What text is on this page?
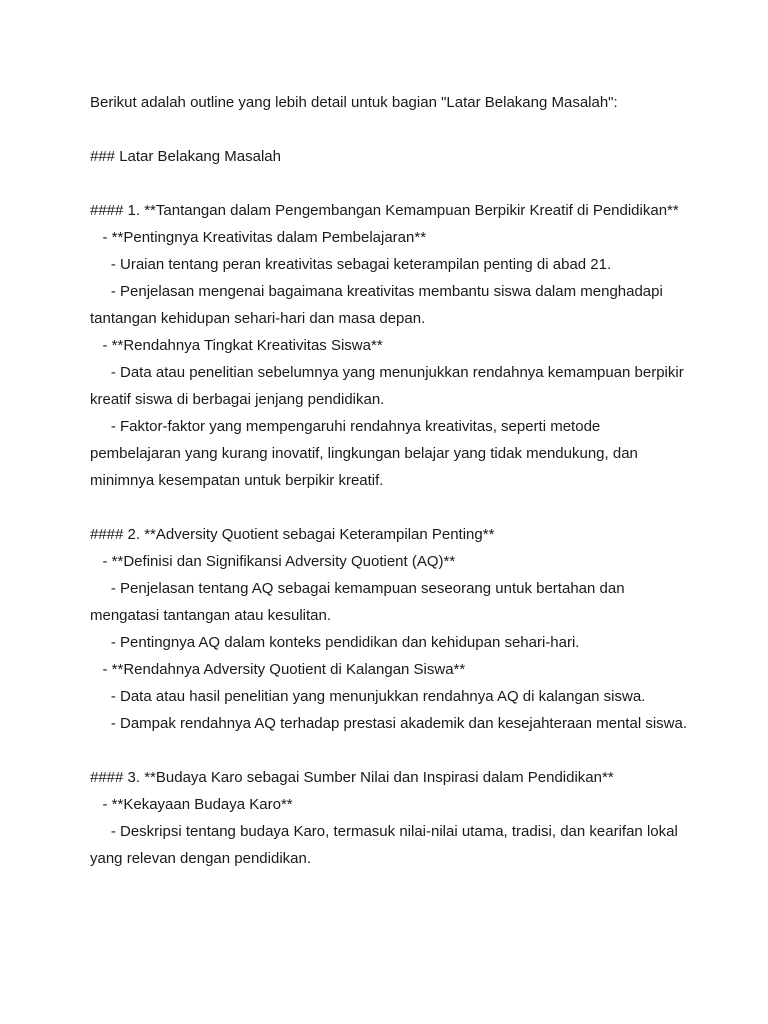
Berikut adalah outline yang lebih detail untuk bagian "Latar Belakang Masalah":
### Latar Belakang Masalah
#### 1. **Tantangan dalam Pengembangan Kemampuan Berpikir Kreatif di Pendidikan**
- **Pentingnya Kreativitas dalam Pembelajaran**
- Uraian tentang peran kreativitas sebagai keterampilan penting di abad 21.
- Penjelasan mengenai bagaimana kreativitas membantu siswa dalam menghadapi tantangan kehidupan sehari-hari dan masa depan.
- **Rendahnya Tingkat Kreativitas Siswa**
- Data atau penelitian sebelumnya yang menunjukkan rendahnya kemampuan berpikir kreatif siswa di berbagai jenjang pendidikan.
- Faktor-faktor yang mempengaruhi rendahnya kreativitas, seperti metode pembelajaran yang kurang inovatif, lingkungan belajar yang tidak mendukung, dan minimnya kesempatan untuk berpikir kreatif.
#### 2. **Adversity Quotient sebagai Keterampilan Penting**
- **Definisi dan Signifikansi Adversity Quotient (AQ)**
- Penjelasan tentang AQ sebagai kemampuan seseorang untuk bertahan dan mengatasi tantangan atau kesulitan.
- Pentingnya AQ dalam konteks pendidikan dan kehidupan sehari-hari.
- **Rendahnya Adversity Quotient di Kalangan Siswa**
- Data atau hasil penelitian yang menunjukkan rendahnya AQ di kalangan siswa.
- Dampak rendahnya AQ terhadap prestasi akademik dan kesejahteraan mental siswa.
#### 3. **Budaya Karo sebagai Sumber Nilai dan Inspirasi dalam Pendidikan**
- **Kekayaan Budaya Karo**
- Deskripsi tentang budaya Karo, termasuk nilai-nilai utama, tradisi, dan kearifan lokal yang relevan dengan pendidikan.
